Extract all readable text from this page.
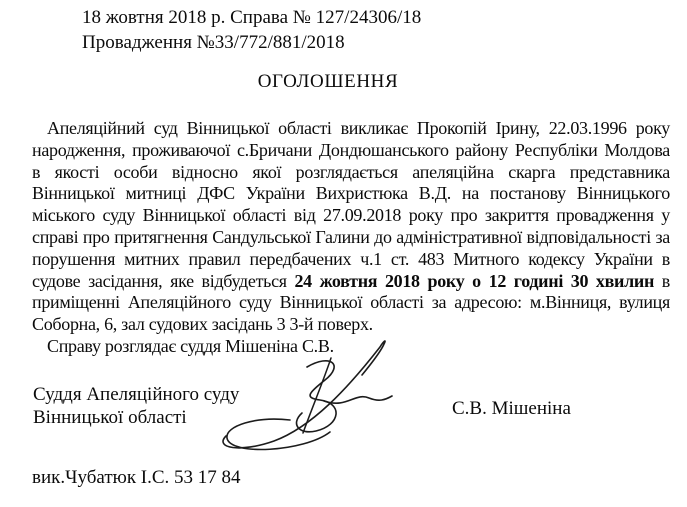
18 жовтня 2018 р. Справа № 127/24306/18
Провадження №33/772/881/2018
ОГОЛОШЕННЯ
Апеляційний суд Вінницької області викликає Прокопій Ірину, 22.03.1996 року
народження, проживаючої с.Бричани Дондюшанського району Республіки Молдова
в якості особи відносно якої розглядається апеляційна скарга представника
Вінницької митниці ДФС України Вихристюка В.Д. на постанову Вінницького
міського суду Вінницької області від 27.09.2018 року про закриття провадження у
справі про притягнення Сандульської Галини до адміністративної відповідальності за
порушення митних правил передбачених ч.1 ст. 483 Митного кодексу України в
судове засідання, яке відбудеться 24 жовтня 2018 року о 12 годині 30 хвилин в
приміщенні Апеляційного суду Вінницької області за адресою: м.Вінниця, вулиця
Соборна, 6, зал судових засідань 3 3-й поверх.
Справу розглядає суддя Мішеніна С.В.
Суддя Апеляційного суду
Вінницької області	С.В. Мішеніна
вик.Чубатюк І.С. 53 17 84
